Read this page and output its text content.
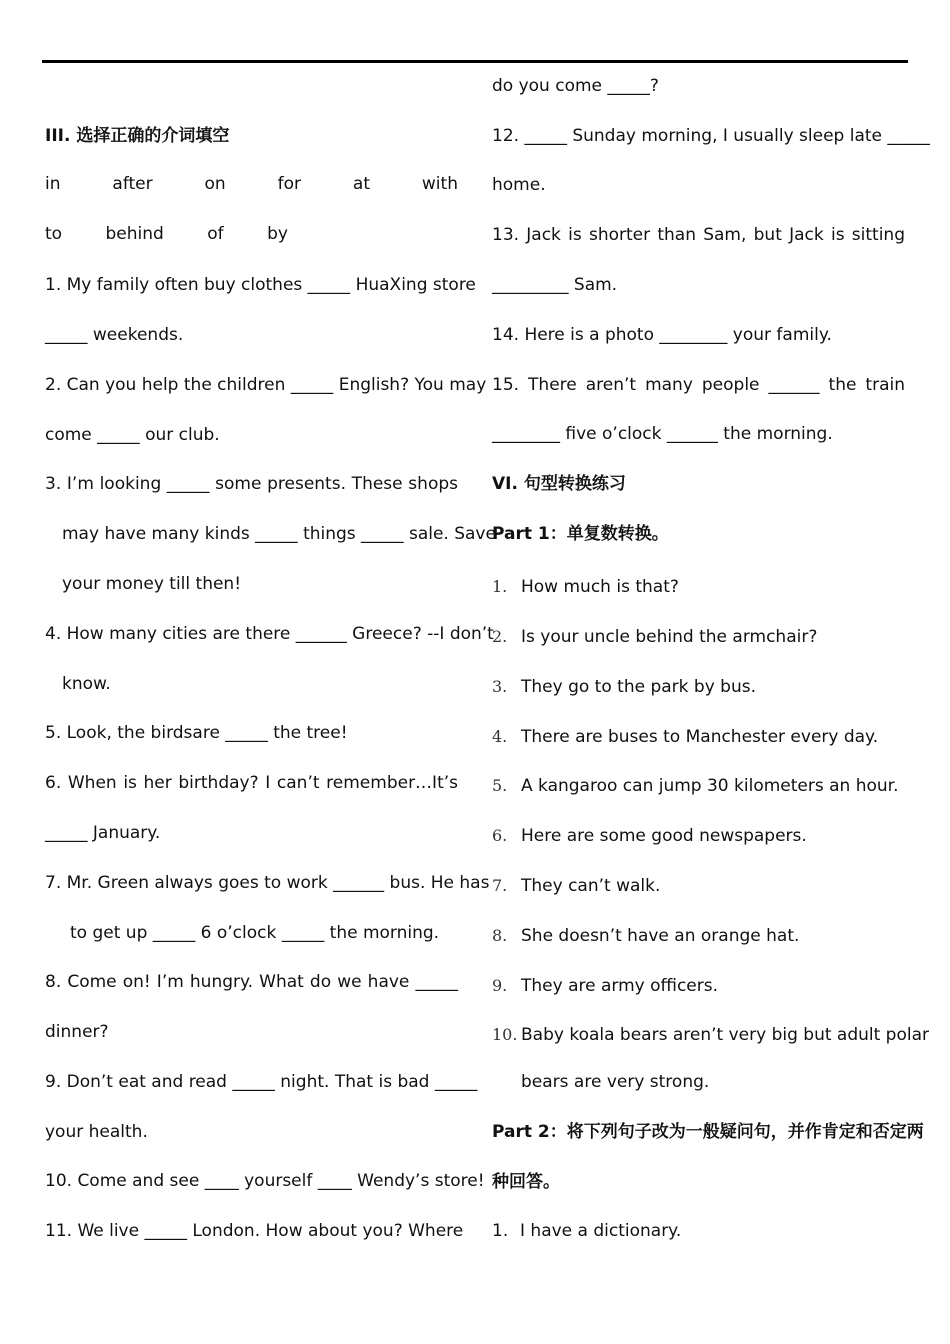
III. 选择正确的介词填空
in	after	on	for	at	with
to	behind	of	by
1. My family often buy clothes _____ HuaXing store
_____ weekends.
2. Can you help the children _____ English? You may
come _____ our club.
3. I’m looking _____ some presents. These shops
may have many kinds _____ things _____ sale. Save
your money till then!
4. How many cities are there ______ Greece? --I don’t
know.
5. Look, the birdsare _____ the tree!
6. When is her birthday? I can’t remember…It’s
_____ January.
7. Mr. Green always goes to work ______ bus. He has
to get up _____ 6 o’clock _____ the morning.
8. Come on! I’m hungry. What do we have _____
dinner?
9. Don’t eat and read _____ night. That is bad _____
your health.
10. Come and see ____ yourself ____ Wendy’s store!
11. We live _____ London. How about you? Where
do you come _____?
12. _____ Sunday morning, I usually sleep late _____
home.
13. Jack is shorter than Sam, but Jack is sitting
_________ Sam.
14. Here is a photo ________ your family.
15. There aren’t many people ______ the train
________ five o’clock ______ the morning.
VI. 句型转换练习
Part 1：单复数转换。
1. How much is that?
2. Is your uncle behind the armchair?
3. They go to the park by bus.
4. There are buses to Manchester every day.
5. A kangaroo can jump 30 kilometers an hour.
6. Here are some good newspapers.
7. They can’t walk.
8. She doesn’t have an orange hat.
9. They are army officers.
10. Baby koala bears aren’t very big but adult polar
bears are very strong.
Part 2：将下列句子改为一般疑问句，并作肯定和否定两
种回答。
1. I have a dictionary.
